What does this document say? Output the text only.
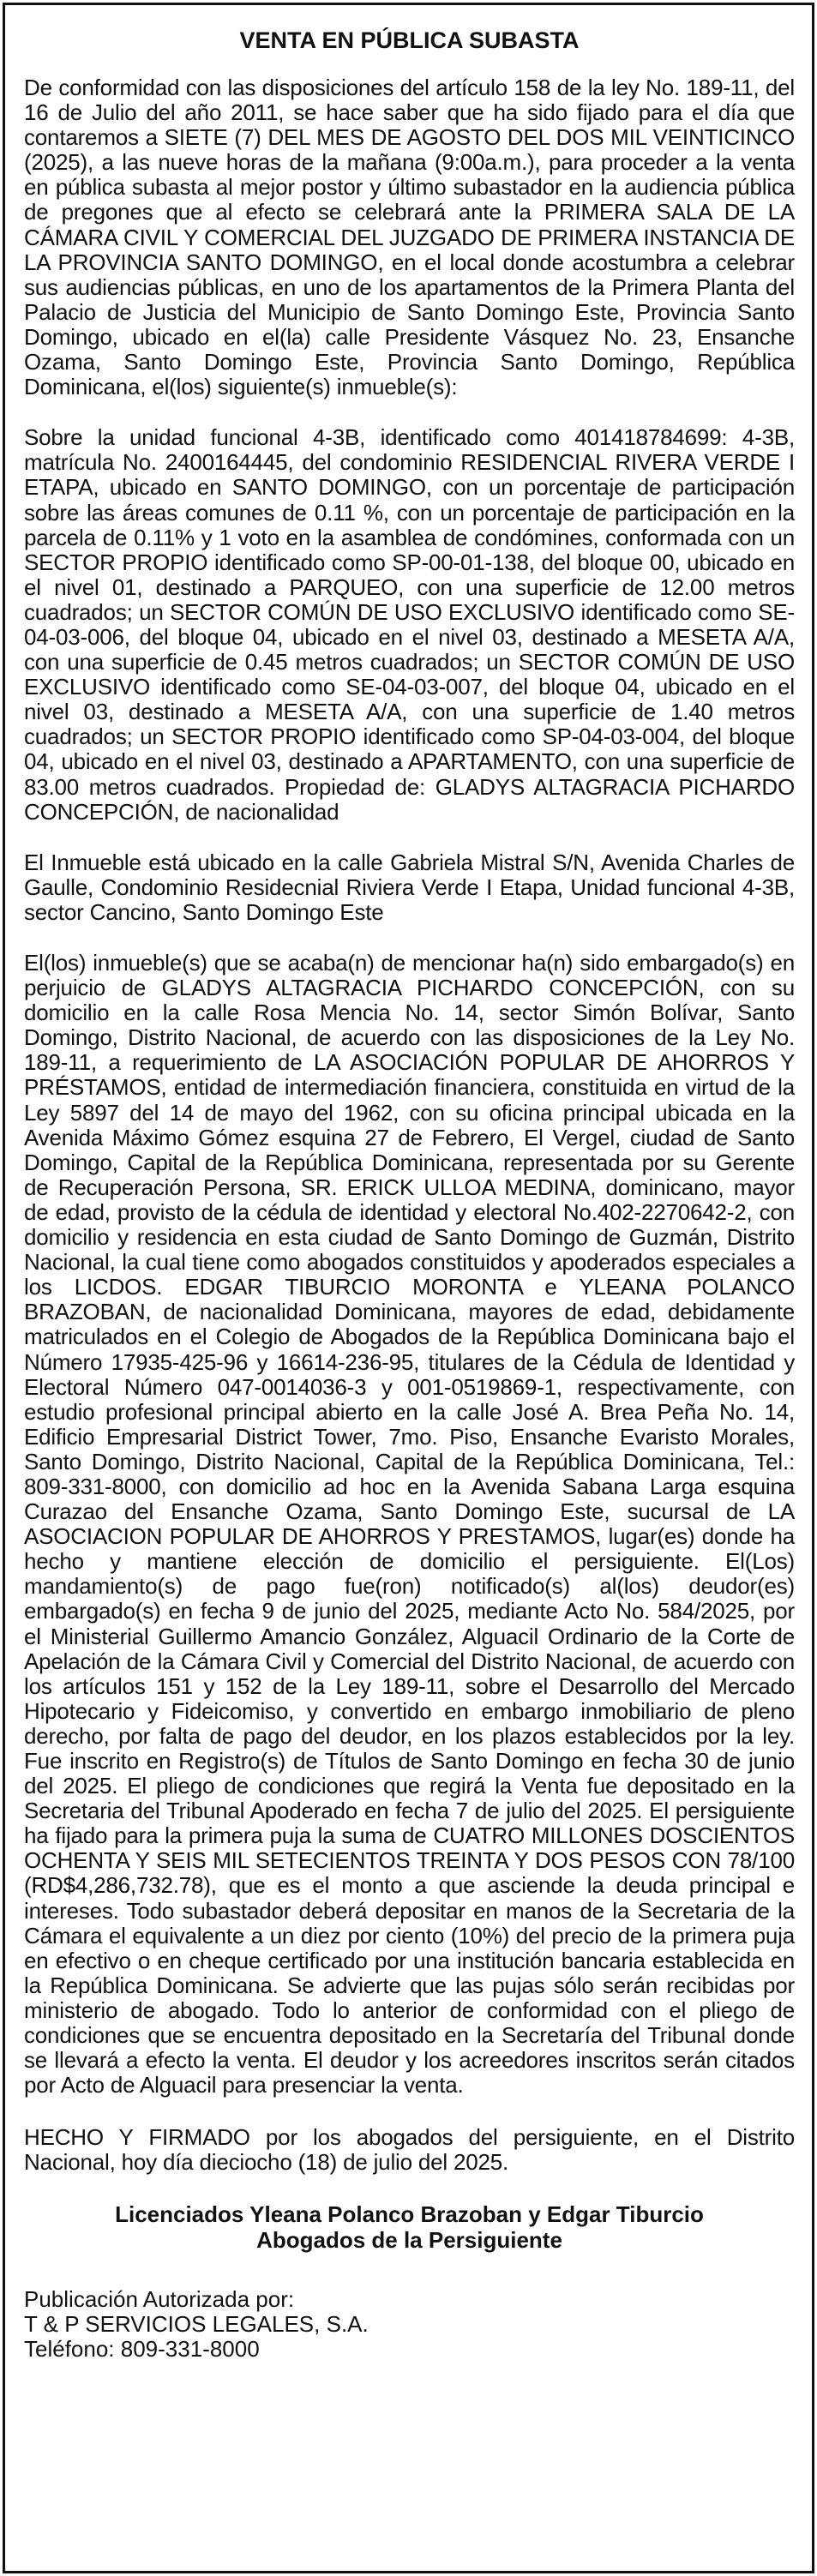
VENTA EN PÚBLICA SUBASTA

De conformidad con las disposiciones del artículo 158 de la ley No. 189-11, del 16 de Julio del año 2011, se hace saber que ha sido fijado para el día que contaremos a SIETE (7) DEL MES DE AGOSTO DEL DOS MIL VEINTICINCO (2025), a las nueve horas de la mañana (9:00a.m.), para proceder a la venta en pública subasta al mejor postor y último subastador en la audiencia pública de pregones que al efecto se celebrará ante la PRIMERA SALA DE LA CÁMARA CIVIL Y COMERCIAL DEL JUZGADO DE PRIMERA INSTANCIA DE LA PROVINCIA SANTO DOMINGO, en el local donde acostumbra a celebrar sus audiencias públicas, en uno de los apartamentos de la Primera Planta del Palacio de Justicia del Municipio de Santo Domingo Este, Provincia Santo Domingo, ubicado en el(la) calle Presidente Vásquez No. 23, Ensanche Ozama, Santo Domingo Este, Provincia Santo Domingo, República Dominicana, el(los) siguiente(s) inmueble(s):

Sobre la unidad funcional 4-3B, identificado como 401418784699: 4-3B, matrícula No. 2400164445, del condominio RESIDENCIAL RIVERA VERDE I ETAPA, ubicado en SANTO DOMINGO, con un porcentaje de participación sobre las áreas comunes de 0.11 %, con un porcentaje de participación en la parcela de 0.11% y 1 voto en la asamblea de condómines, conformada con un SECTOR PROPIO identificado como SP-00-01-138, del bloque 00, ubicado en el nivel 01, destinado a PARQUEO, con una superficie de 12.00 metros cuadrados; un SECTOR COMÚN DE USO EXCLUSIVO identificado como SE-04-03-006, del bloque 04, ubicado en el nivel 03, destinado a MESETA A/A, con una superficie de 0.45 metros cuadrados; un SECTOR COMÚN DE USO EXCLUSIVO identificado como SE-04-03-007, del bloque 04, ubicado en el nivel 03, destinado a MESETA A/A, con una superficie de 1.40 metros cuadrados; un SECTOR PROPIO identificado como SP-04-03-004, del bloque 04, ubicado en el nivel 03, destinado a APARTAMENTO, con una superficie de 83.00 metros cuadrados. Propiedad de: GLADYS ALTAGRACIA PICHARDO CONCEPCIÓN, de nacionalidad

El Inmueble está ubicado en la calle Gabriela Mistral S/N, Avenida Charles de Gaulle, Condominio Residecnial Riviera Verde I Etapa, Unidad funcional 4-3B, sector Cancino, Santo Domingo Este

El(los) inmueble(s) que se acaba(n) de mencionar ha(n) sido embargado(s) en perjuicio de GLADYS ALTAGRACIA PICHARDO CONCEPCIÓN, con su domicilio en la calle Rosa Mencia No. 14, sector Simón Bolívar, Santo Domingo, Distrito Nacional, de acuerdo con las disposiciones de la Ley No. 189-11, a requerimiento de LA ASOCIACIÓN POPULAR DE AHORROS Y PRÉSTAMOS, entidad de intermediación financiera, constituida en virtud de la Ley 5897 del 14 de mayo del 1962, con su oficina principal ubicada en la Avenida Máximo Gómez esquina 27 de Febrero, El Vergel, ciudad de Santo Domingo, Capital de la República Dominicana, representada por su Gerente de Recuperación Persona, SR. ERICK ULLOA MEDINA, dominicano, mayor de edad, provisto de la cédula de identidad y electoral No.402-2270642-2, con domicilio y residencia en esta ciudad de Santo Domingo de Guzmán, Distrito Nacional, la cual tiene como abogados constituidos y apoderados especiales a los LICDOS. EDGAR TIBURCIO MORONTA e YLEANA POLANCO BRAZOBAN, de nacionalidad Dominicana, mayores de edad, debidamente matriculados en el Colegio de Abogados de la República Dominicana bajo el Número 17935-425-96 y 16614-236-95, titulares de la Cédula de Identidad y Electoral Número 047-0014036-3 y 001-0519869-1, respectivamente, con estudio profesional principal abierto en la calle José A. Brea Peña No. 14, Edificio Empresarial District Tower, 7mo. Piso, Ensanche Evaristo Morales, Santo Domingo, Distrito Nacional, Capital de la República Dominicana, Tel.: 809-331-8000, con domicilio ad hoc en la Avenida Sabana Larga esquina Curazao del Ensanche Ozama, Santo Domingo Este, sucursal de LA ASOCIACION POPULAR DE AHORROS Y PRESTAMOS, lugar(es) donde ha hecho y mantiene elección de domicilio el persiguiente. El(Los) mandamiento(s) de pago fue(ron) notificado(s) al(los) deudor(es) embargado(s) en fecha 9 de junio del 2025, mediante Acto No. 584/2025, por el Ministerial Guillermo Amancio González, Alguacil Ordinario de la Corte de Apelación de la Cámara Civil y Comercial del Distrito Nacional, de acuerdo con los artículos 151 y 152 de la Ley 189-11, sobre el Desarrollo del Mercado Hipotecario y Fideicomiso, y convertido en embargo inmobiliario de pleno derecho, por falta de pago del deudor, en los plazos establecidos por la ley. Fue inscrito en Registro(s) de Títulos de Santo Domingo en fecha 30 de junio del 2025. El pliego de condiciones que regirá la Venta fue depositado en la Secretaria del Tribunal Apoderado en fecha 7 de julio del 2025. El persiguiente ha fijado para la primera puja la suma de CUATRO MILLONES DOSCIENTOS OCHENTA Y SEIS MIL SETECIENTOS TREINTA Y DOS PESOS CON 78/100 (RD$4,286,732.78), que es el monto a que asciende la deuda principal e intereses. Todo subastador deberá depositar en manos de la Secretaria de la Cámara el equivalente a un diez por ciento (10%) del precio de la primera puja en efectivo o en cheque certificado por una institución bancaria establecida en la República Dominicana. Se advierte que las pujas sólo serán recibidas por ministerio de abogado. Todo lo anterior de conformidad con el pliego de condiciones que se encuentra depositado en la Secretaría del Tribunal donde se llevará a efecto la venta. El deudor y los acreedores inscritos serán citados por Acto de Alguacil para presenciar la venta.

HECHO Y FIRMADO por los abogados del persiguiente, en el Distrito Nacional, hoy día dieciocho (18) de julio del 2025.

Licenciados Yleana Polanco Brazoban y Edgar Tiburcio
Abogados de la Persiguiente
Publicación Autorizada por:
T & P SERVICIOS LEGALES, S.A.
Teléfono: 809-331-8000
